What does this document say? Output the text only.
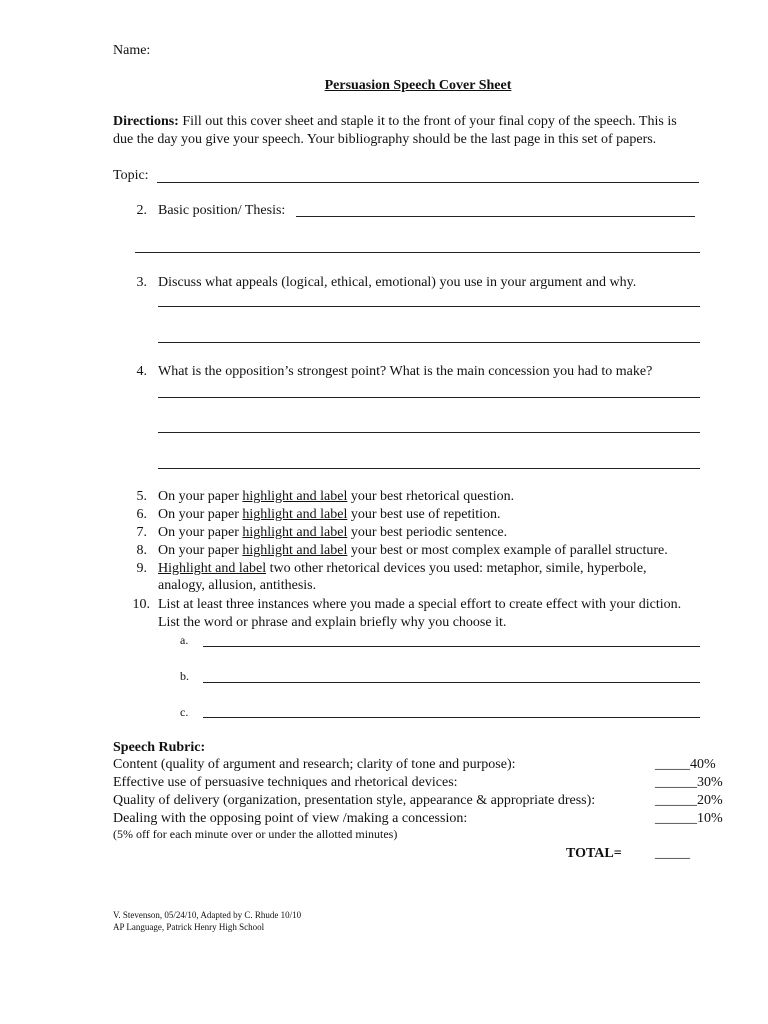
Name:
Persuasion Speech Cover Sheet
Directions: Fill out this cover sheet and staple it to the front of your final copy of the speech. This is
due the day you give your speech. Your bibliography should be the last page in this set of papers.
Topic:
2. Basic position/ Thesis:
3. Discuss what appeals (logical, ethical, emotional) you use in your argument and why.
4. What is the opposition’s strongest point? What is the main concession you had to make?
5. On your paper highlight and label your best rhetorical question.
6. On your paper highlight and label your best use of repetition.
7. On your paper highlight and label your best periodic sentence.
8. On your paper highlight and label your best or most complex example of parallel structure.
9. Highlight and label two other rhetorical devices you used: metaphor, simile, hyperbole,
analogy, allusion, antithesis.
10. List at least three instances where you made a special effort to create effect with your diction.
List the word or phrase and explain briefly why you choose it.
a.
b.
c.
Speech Rubric:
Content (quality of argument and research; clarity of tone and purpose):	_____40%
Effective use of persuasive techniques and rhetorical devices:	______30%
Quality of delivery (organization, presentation style, appearance & appropriate dress):	______20%
Dealing with the opposing point of view /making a concession:	______10%
(5% off for each minute over or under the allotted minutes)
TOTAL= _____
V. Stevenson, 05/24/10, Adapted by C. Rhude 10/10
AP Language, Patrick Henry High School
